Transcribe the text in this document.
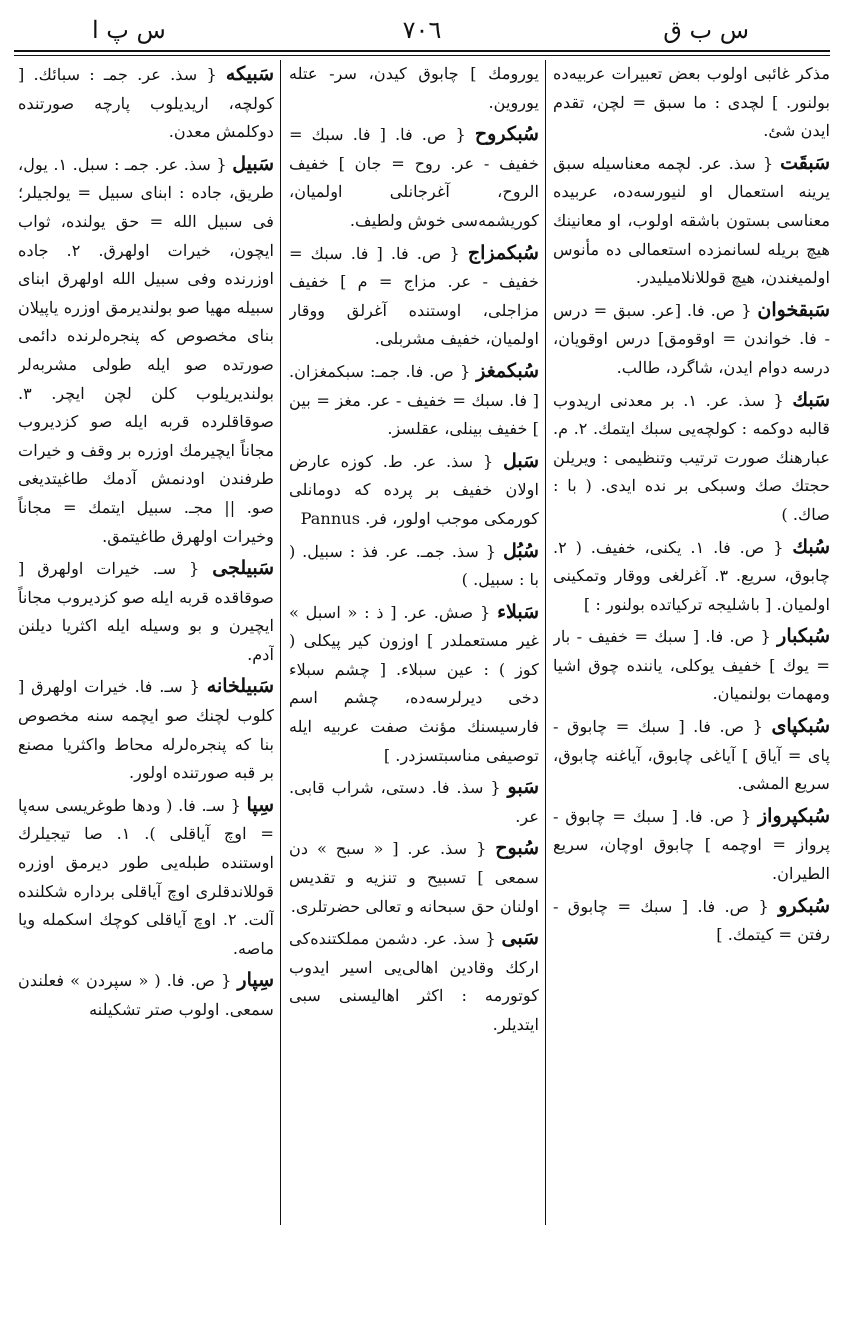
س ب ق
٧٠٦
س پ ا
مذكر غائبى اولوب بعض تعبيرات عربيه‌ده بولنور. ] لچدى : ما سبق = لچن، تقدم ایدن شئ.
سَبقَت { سذ. عر. لچمه معناسیله سبق یرینه استعمال او لنیورسه‌ده، عربیده معناسی بستون باشقه اولوب، او معانینك هیچ بریله لسانمزده استعمالی ده مأنوس اولمیغندن، هیچ قوللانلامیلیدر.
سَبقخوان { ص. فا. [عر. سبق = درس - فا. خواندن = اوقومق] درس اوقویان، درسه دوام ایدن، شاگرد، طالب.
سَبك { سذ. عر. ١. بر معدنی اریدوب قالبه دوكمه : كولچه‌یی سبك ایتمك. ٢. م. عبارهنك صورت ترتیب وتنظیمی : ویریلن حجتك صك وسبكی بر نده ایدی. ( با : صاك. )
سُبك { ص. فا. ١. یكنى، خفیف. ( ٢. چابوق، سریع. ٣. آغرلغی ووقار وتمكینی اولمیان. [ باشلیجه تركیاتده بولنور : ]
سُبكبار { ص. فا. [ سبك = خفیف - بار = یوك ] خفیف یوكلى، یاننده چوق اشیا ومهمات بولنمیان.
سُبكپای { ص. فا. [ سبك = چابوق - پای = آیاق ] آیاغی چابوق، آیاغنه چابوق، سریع المشی.
سُبكپرواز { ص. فا. [ سبك = چابوق - پرواز = اوچمه ] چابوق اوچان، سریع الطیران.
سُبكرو { ص. فا. [ سبك = چابوق - رفتن = كیتمك. ]
یورومك ] چابوق كیدن، سر- عتله یوروین.
سُبكروح { ص. فا. [ فا. سبك = خفیف - عر. روح = جان ] خفیف الروح، آغرجانلى اولمیان، كوریشمه‌سى خوش ولطیف.
سُبكمزاج { ص. فا. [ فا. سبك = خفیف - عر. مزاج = م ] خفیف مزاجلى، اوستنده آغرلق ووقار اولمیان، خفیف مشربلى.
سُبكمغز { ص. فا. جمـ: سبكمغزان. [ فا. سبك = خفیف - عر. مغز = بین ] خفیف بینلى، عقلسز.
سَبل { سذ. عر. ط. كوزه عارض اولان خفیف بر پرده كه دومانلى كورمكى موجب اولور، فر. Pannus
سُبُل { سذ. جمـ. عر. فذ : سبیل. ( با : سبیل. )
سَبلاء { صش. عر. [ ذ : « اسبل » غیر مستعملدر ] اوزون كیر پیكلى ( كوز ) : عین سبلاء. [ چشم سبلاء دخى دیرلرسه‌ده، چشم اسم فارسیسنك مؤنث صفت عربیه ایله توصیفى مناسبتسزدر. ]
سَبو { سذ. فا. دستى، شراب قابى. عر.
سُبوح { سذ. عر. [ « سبح » دن سمعى ] تسبیح و تنزیه و تقدیس اولنان حق سبحانه و تعالى حضرتلرى.
سَبى { سذ. عر. دشمن مملكتنده‌كى اركك وقادین اهالى‌یى اسیر ایدوب كوتورمه : اكثر اهالیسنى سبى ایتدیلر.
سَبیكه { سذ. عر. جمـ : سبائك. [ كولچه، اریدیلوب پارچه صورتنده دوكلمش معدن.
سَبیل { سذ. عر. جمـ : سبل. ١. یول، طریق، جاده : ابنای سبیل = یولجیلر؛ فى سبیل الله = حق یولنده، ثواب ایچون، خیرات اولهرق. ٢. جاده اوزرنده وفى سبیل الله اولهرق ابنای سبیله مهیا صو بولندیرمق اوزره یاپیلان بنای مخصوص كه پنجره‌لرنده دائمی صورتده صو ایله طولى مشربه‌لر بولندیریلوب كلن لچن ایچر. ٣. صوقاقلرده قربه ایله صو كزدیروب مجاناً ایچیرمك اوزره بر وقف و خیرات طرفندن اودنمش آدمك طاغیتدیغى صو. || مجـ. سبیل ایتمك = مجاناً وخیرات اولهرق طاغیتمق.
سَبیلجى { سـ. خیرات اولهرق [ صوقاقده قربه ایله صو كزدیروب مجاناً ایچیرن و بو وسیله ایله اكثریا دیلنن آدم.
سَبیلخانه { سـ. فا. خیرات اولهرق [ كلوب لچنك صو ایچمه سنه مخصوص بنا كه پنجره‌لرله محاط واكثریا مصنع بر قبه صورتنده اولور.
سِپا { سـ. فا. ( ودها طوغریسى سه‌پا = اوچ آیاقلى ). ١. صا تیجیلرك اوستنده طبله‌یى طور دیرمق اوزره قوللاندقلرى اوچ آیاقلى برداره شكلنده آلت. ٢. اوچ آیاقلى كوچك اسكمله ویا ماصه.
سِپار { ص. فا. ( « سپردن » فعلندن سمعى. اولوب صتر تشكیلنه
